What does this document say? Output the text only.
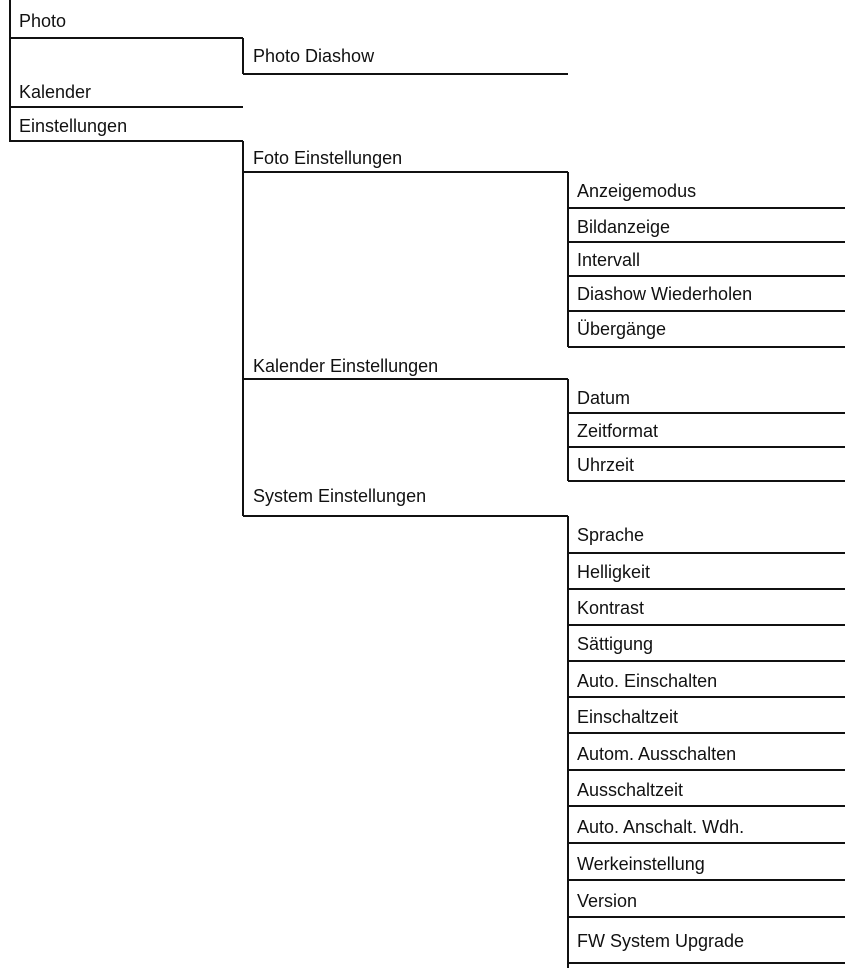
Photo
Kalender
Einstellungen
Photo Diashow
Foto Einstellungen
Kalender Einstellungen
System Einstellungen
Anzeigemodus
Bildanzeige
Intervall
Diashow Wiederholen
Übergänge
Datum
Zeitformat
Uhrzeit
Sprache
Helligkeit
Kontrast
Sättigung
Auto. Einschalten
Einschaltzeit
Autom. Ausschalten
Ausschaltzeit
Auto. Anschalt. Wdh.
Werkeinstellung
Version
FW System Upgrade
